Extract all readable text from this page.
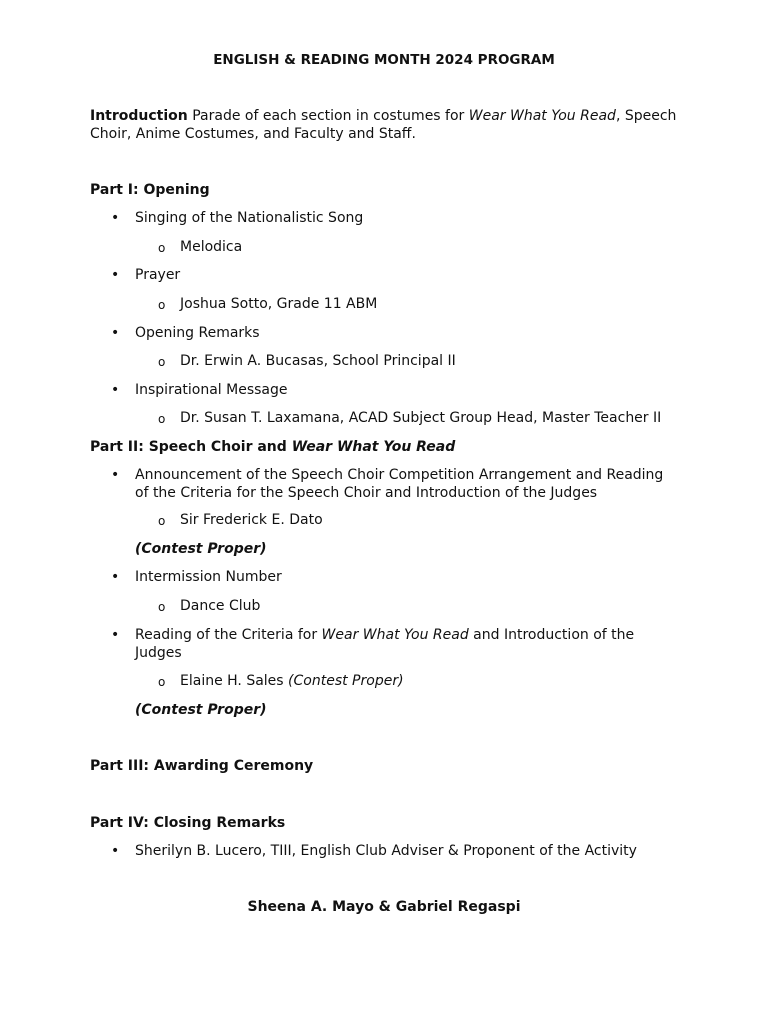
ENGLISH & READING MONTH 2024 PROGRAM
Introduction Parade of each section in costumes for Wear What You Read, Speech Choir, Anime Costumes, and Faculty and Staff.
Part I: Opening
• Singing of the Nationalistic Song
o Melodica
• Prayer
o Joshua Sotto, Grade 11 ABM
• Opening Remarks
o Dr. Erwin A. Bucasas, School Principal II
• Inspirational Message
o Dr. Susan T. Laxamana, ACAD Subject Group Head, Master Teacher II
Part II: Speech Choir and Wear What You Read
• Announcement of the Speech Choir Competition Arrangement and Reading of the Criteria for the Speech Choir and Introduction of the Judges
o Sir Frederick E. Dato
(Contest Proper)
• Intermission Number
o Dance Club
• Reading of the Criteria for Wear What You Read and Introduction of the Judges
o Elaine H. Sales (Contest Proper)
(Contest Proper)
Part III: Awarding Ceremony
Part IV: Closing Remarks
• Sherilyn B. Lucero, TIII, English Club Adviser & Proponent of the Activity
Sheena A. Mayo & Gabriel Regaspi
